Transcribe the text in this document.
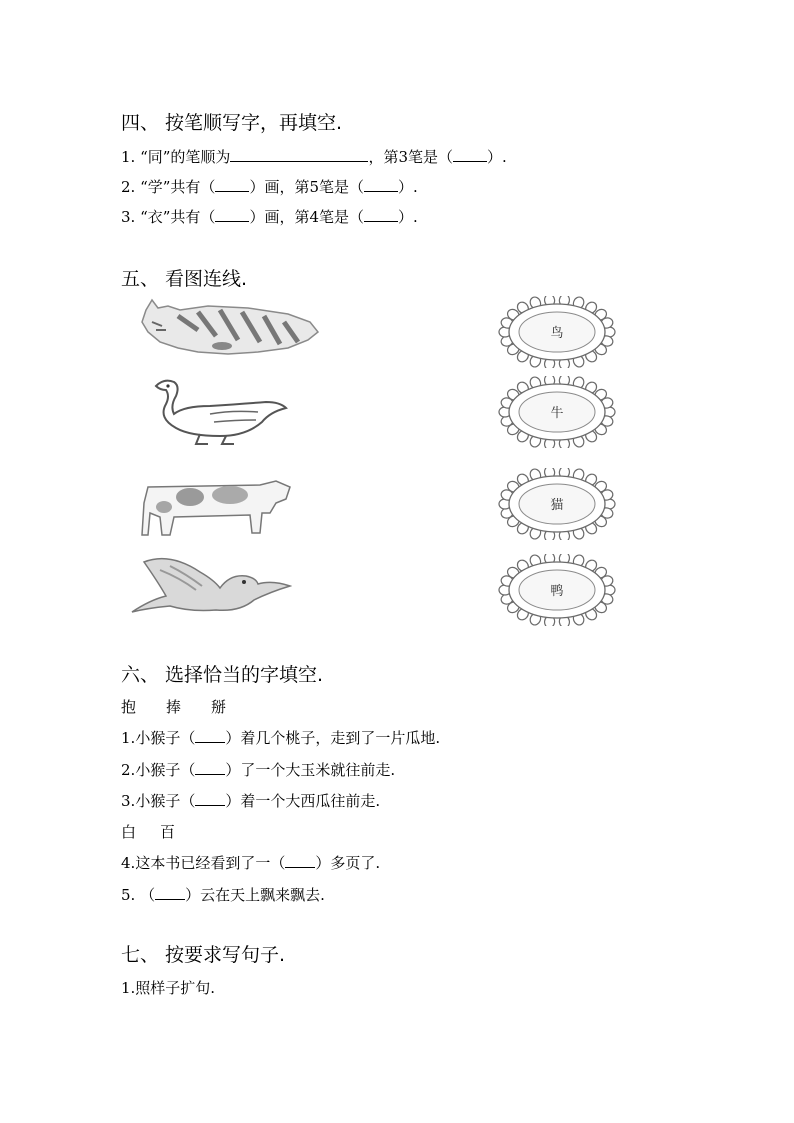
四、 按笔顺写字，再填空.
1. “同”的笔顺为	，第3笔是（ ）.
2. “学”共有（ ）画，第5笔是（ ）.
3. “衣”共有（ ）画，第4笔是（ ）.
五、 看图连线.
鸟
牛
猫
鸭
六、 选择恰当的字填空.
抱 捧 掰
1.小猴子（ ）着几个桃子，走到了一片瓜地.
2.小猴子（ ）了一个大玉米就往前走.
3.小猴子（ ）着一个大西瓜往前走.
白 百
4.这本书已经看到了一（ ）多页了.
5. （ ）云在天上飘来飘去.
七、 按要求写句子.
1.照样子扩句.
